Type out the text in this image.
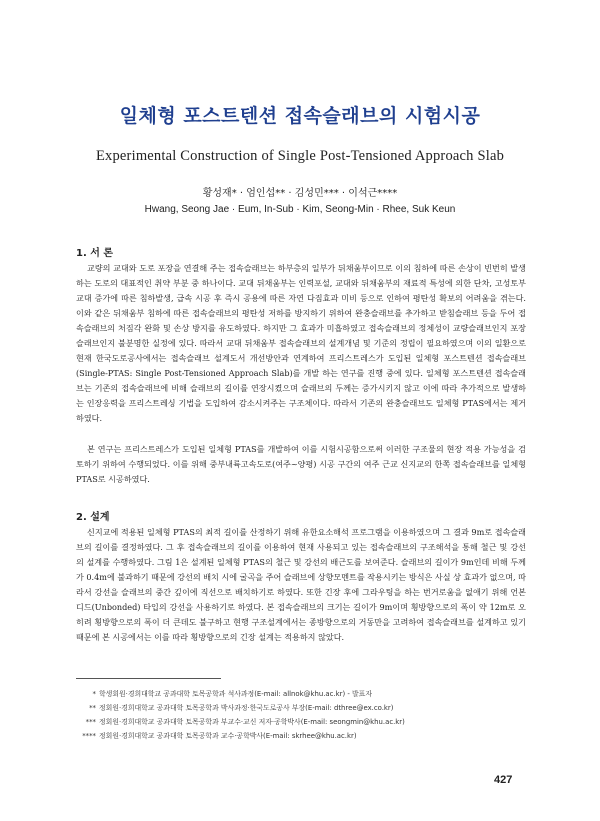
일체형 포스트텐션 접속슬래브의 시험시공
Experimental Construction of Single Post-Tensioned Approach Slab
황성재* · 엄인섭** · 김성민*** · 이석근****
Hwang, Seong Jae · Eum, In-Sub · Kim, Seong-Min · Rhee, Suk Keun
1. 서 론

교량의 교대와 도로 포장을 연결해 주는 접속슬래브는 하부층의 일부가 뒤채움부이므로 이의 침하에 따른 손상이 빈번히 발생하는 도로의 대표적인 취약 부분 중 하나이다. 교대 뒤채움부는 인력포설, 교대와 뒤채움부의 재료적 특성에 의한 단차, 고성토부 교대 증가에 따른 침하발생, 급속 시공 후 즉시 공용에 따른 자연 다짐효과 미비 등으로 인하여 평탄성 확보의 어려움을 겪는다. 이와 같은 뒤채움부 침하에 따른 접속슬래브의 평탄성 저하를 방지하기 위하여 완충슬래브를 추가하고 받침슬래브 등을 두어 접속슬래브의 처짐각 완화 및 손상 방지를 유도하였다. 하지만 그 효과가 미흡하였고 접속슬래브의 정체성이 교량슬래브인지 포장슬래브인지 불분명한 실정에 있다. 따라서 교대 뒤채움부 접속슬래브의 설계개념 및 기준의 정립이 필요하였으며 이의 일환으로 현재 한국도로공사에서는 접속슬래브 설계도서 개선방안과 연계하여 프리스트레스가 도입된 일체형 포스트텐션 접속슬래브(Single-PTAS: Single Post-Tensioned Approach Slab)를 개발 하는 연구를 진행 중에 있다. 일체형 포스트텐션 접속슬래브는 기존의 접속슬래브에 비해 슬래브의 길이를 연장시켰으며 슬래브의 두께는 증가시키지 않고 이에 따라 추가적으로 발생하는 인장응력을 프리스트레싱 기법을 도입하여 감소시켜주는 구조체이다. 따라서 기존의 완충슬래브도 일체형 PTAS에서는 제거하였다.

본 연구는 프리스트레스가 도입된 일체형 PTAS를 개발하여 이를 시험시공함으로써 이러한 구조물의 현장 적용 가능성을 검토하기 위하여 수행되었다. 이를 위해 중부내륙고속도로(여주~양평) 시공 구간의 여주 근교 신지교의 한쪽 접속슬래브를 일체형 PTAS로 시공하였다.

2. 설계

신지교에 적용된 일체형 PTAS의 최적 길이를 산정하기 위해 유한요소해석 프로그램을 이용하였으며 그 결과 9m로 접속슬래브의 길이를 결정하였다. 그 후 접속슬래브의 길이를 이용하여 현재 사용되고 있는 접속슬래브의 구조해석을 통해 철근 및 강선의 설계를 수행하였다. 그림 1은 설계된 일체형 PTAS의 철근 및 강선의 배근도를 보여준다. 슬래브의 길이가 9m인데 비해 두께가 0.4m에 불과하기 때문에 강선의 배치 시에 굴곡을 주어 슬래브에 상향모멘트를 작용시키는 방식은 사실 상 효과가 없으며, 따라서 강선을 슬래브의 중간 깊이에 직선으로 배치하기로 하였다. 또한 긴장 후에 그라우팅을 하는 번거로움을 없애기 위해 언본디드(Unbonded) 타입의 강선을 사용하기로 하였다. 본 접속슬래브의 크기는 길이가 9m이며 횡방향으로의 폭이 약 12m로 오히려 횡방향으로의 폭이 더 큰데도 불구하고 현행 구조설계에서는 종방향으로의 거동만을 고려하여 접속슬래브를 설계하고 있기 때문에 본 시공에서는 이를 따라 횡방향으로의 긴장 설계는 적용하지 않았다.

* 학생회원·경희대학교 공과대학 토목공학과 석사과정(E-mail: allnok@khu.ac.kr) - 발표자
** 정회원·경희대학교 공과대학 토목공학과 박사과정·한국도로공사 부장(E-mail: dthree@ex.co.kr)
*** 정회원·경희대학교 공과대학 토목공학과 부교수·교신 저자·공학박사(E-mail: seongmin@khu.ac.kr)
**** 정회원·경희대학교 공과대학 토목공학과 교수·공학박사(E-mail: skrhee@khu.ac.kr)
427
